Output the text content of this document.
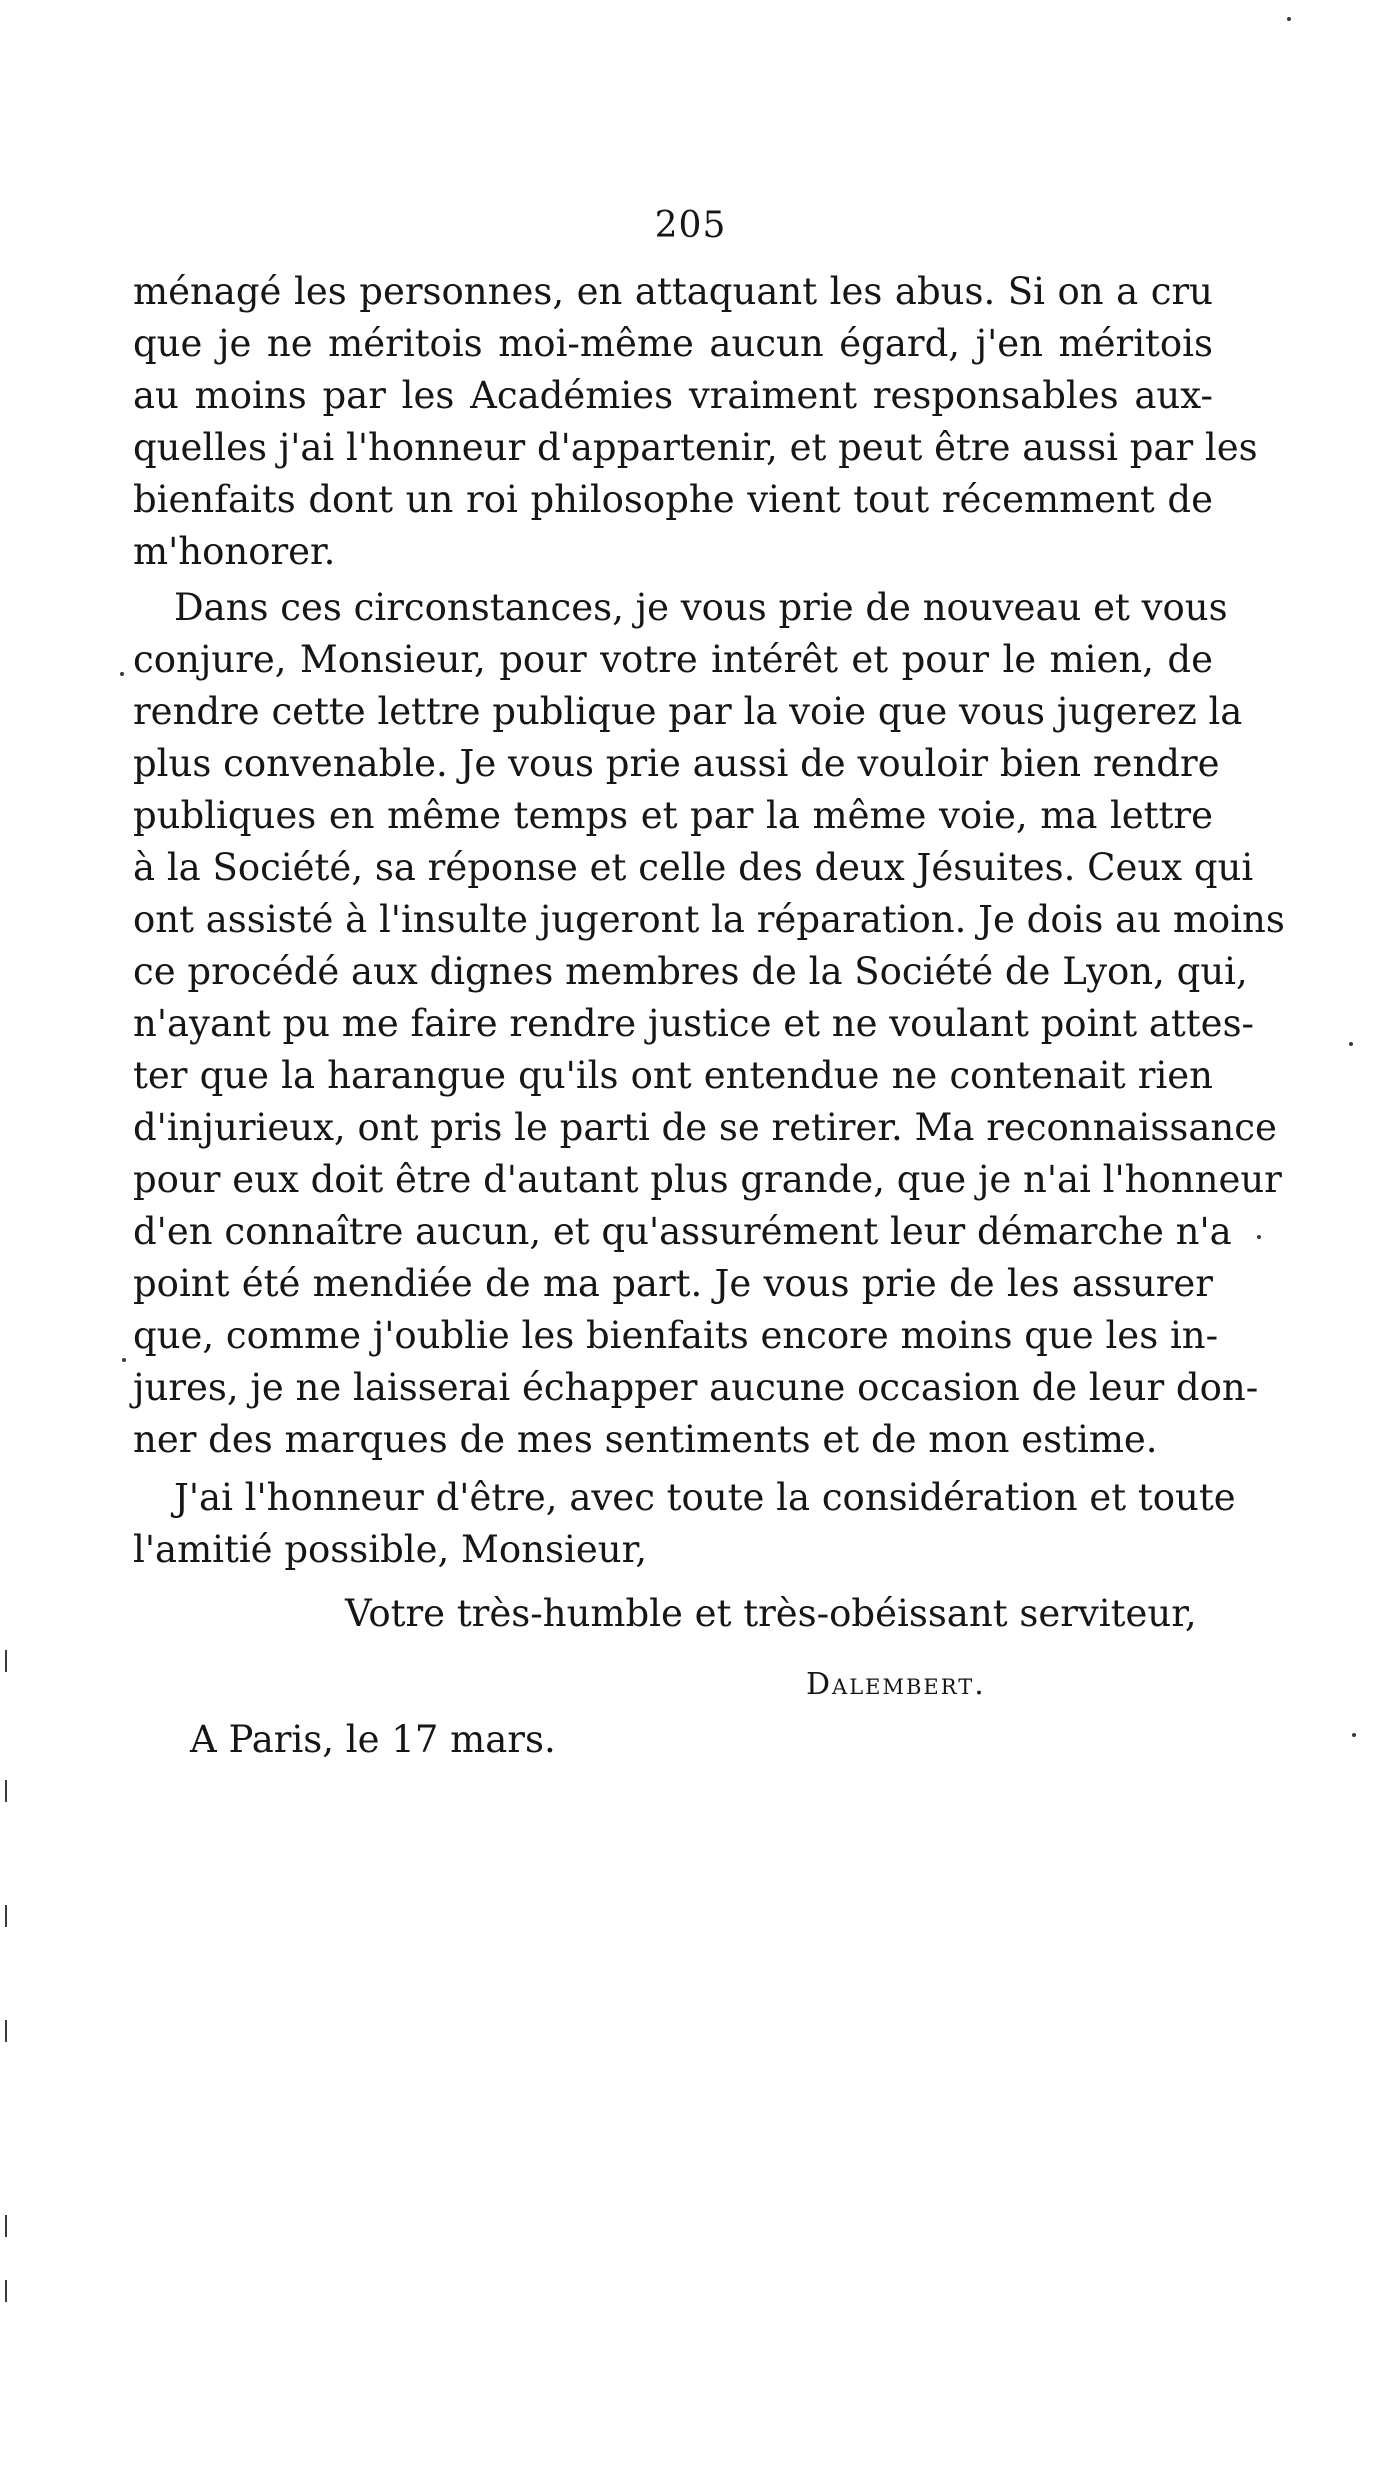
205
ménagé les personnes, en attaquant les abus. Si on a cru
que je ne méritois moi-même aucun égard, j'en méritois
au moins par les Académies vraiment responsables aux-
quelles j'ai l'honneur d'appartenir, et peut être aussi par les
bienfaits dont un roi philosophe vient tout récemment de
m'honorer.
Dans ces circonstances, je vous prie de nouveau et vous
conjure, Monsieur, pour votre intérêt et pour le mien, de
rendre cette lettre publique par la voie que vous jugerez la
plus convenable. Je vous prie aussi de vouloir bien rendre
publiques en même temps et par la même voie, ma lettre
à la Société, sa réponse et celle des deux Jésuites. Ceux qui
ont assisté à l'insulte jugeront la réparation. Je dois au moins
ce procédé aux dignes membres de la Société de Lyon, qui,
n'ayant pu me faire rendre justice et ne voulant point attes-
ter que la harangue qu'ils ont entendue ne contenait rien
d'injurieux, ont pris le parti de se retirer. Ma reconnaissance
pour eux doit être d'autant plus grande, que je n'ai l'honneur
d'en connaître aucun, et qu'assurément leur démarche n'a
point été mendiée de ma part. Je vous prie de les assurer
que, comme j'oublie les bienfaits encore moins que les in-
jures, je ne laisserai échapper aucune occasion de leur don-
ner des marques de mes sentiments et de mon estime.
J'ai l'honneur d'être, avec toute la considération et toute
l'amitié possible, Monsieur,
Votre très-humble et très-obéissant serviteur,
Dalembert.
A Paris, le 17 mars.
